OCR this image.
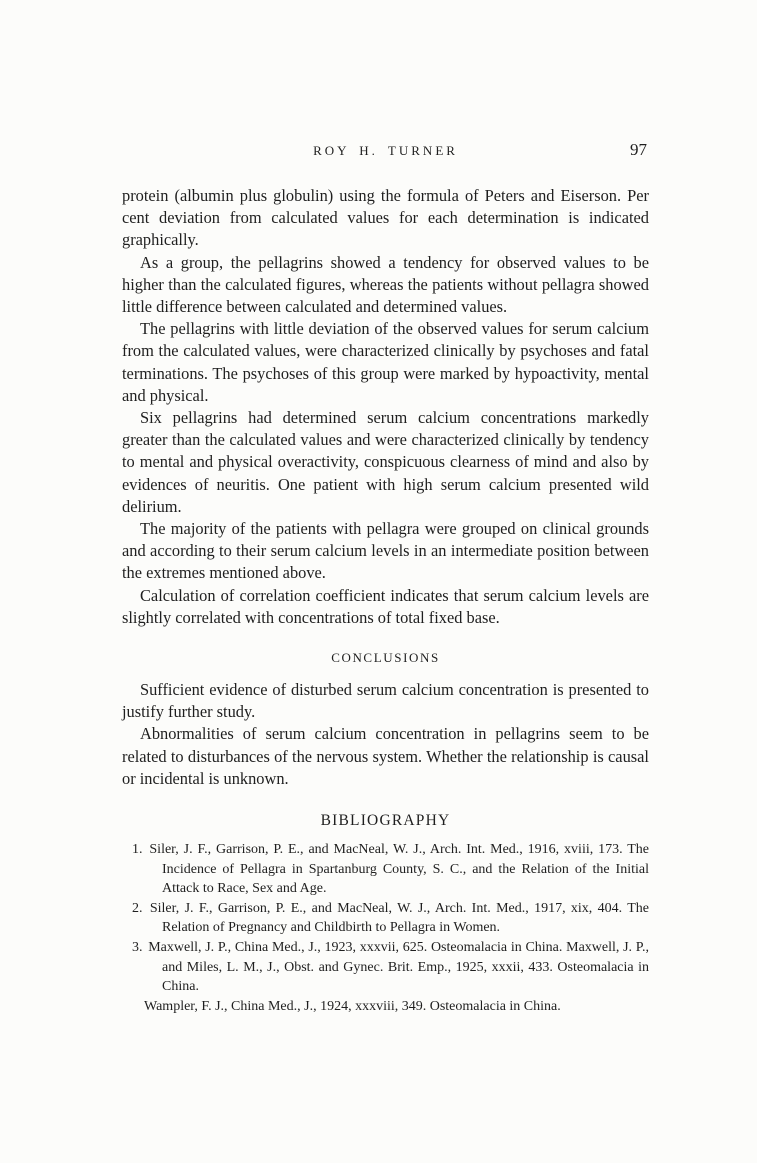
ROY H. TURNER	97

protein (albumin plus globulin) using the formula of Peters and Eiserson. Per cent deviation from calculated values for each determination is indicated graphically.

As a group, the pellagrins showed a tendency for observed values to be higher than the calculated figures, whereas the patients without pellagra showed little difference between calculated and determined values.

The pellagrins with little deviation of the observed values for serum calcium from the calculated values, were characterized clinically by psychoses and fatal terminations. The psychoses of this group were marked by hypoactivity, mental and physical.

Six pellagrins had determined serum calcium concentrations markedly greater than the calculated values and were characterized clinically by tendency to mental and physical overactivity, conspicuous clearness of mind and also by evidences of neuritis. One patient with high serum calcium presented wild delirium.

The majority of the patients with pellagra were grouped on clinical grounds and according to their serum calcium levels in an intermediate position between the extremes mentioned above.

Calculation of correlation coefficient indicates that serum calcium levels are slightly correlated with concentrations of total fixed base.

CONCLUSIONS

Sufficient evidence of disturbed serum calcium concentration is presented to justify further study.

Abnormalities of serum calcium concentration in pellagrins seem to be related to disturbances of the nervous system. Whether the relationship is causal or incidental is unknown.

BIBLIOGRAPHY
1. Siler, J. F., Garrison, P. E., and MacNeal, W. J., Arch. Int. Med., 1916, xviii, 173. The Incidence of Pellagra in Spartanburg County, S. C., and the Relation of the Initial Attack to Race, Sex and Age.
2. Siler, J. F., Garrison, P. E., and MacNeal, W. J., Arch. Int. Med., 1917, xix, 404. The Relation of Pregnancy and Childbirth to Pellagra in Women.
3. Maxwell, J. P., China Med., J., 1923, xxxvii, 625. Osteomalacia in China. Maxwell, J. P., and Miles, L. M., J., Obst. and Gynec. Brit. Emp., 1925, xxxii, 433. Osteomalacia in China.
Wampler, F. J., China Med., J., 1924, xxxviii, 349. Osteomalacia in China.
